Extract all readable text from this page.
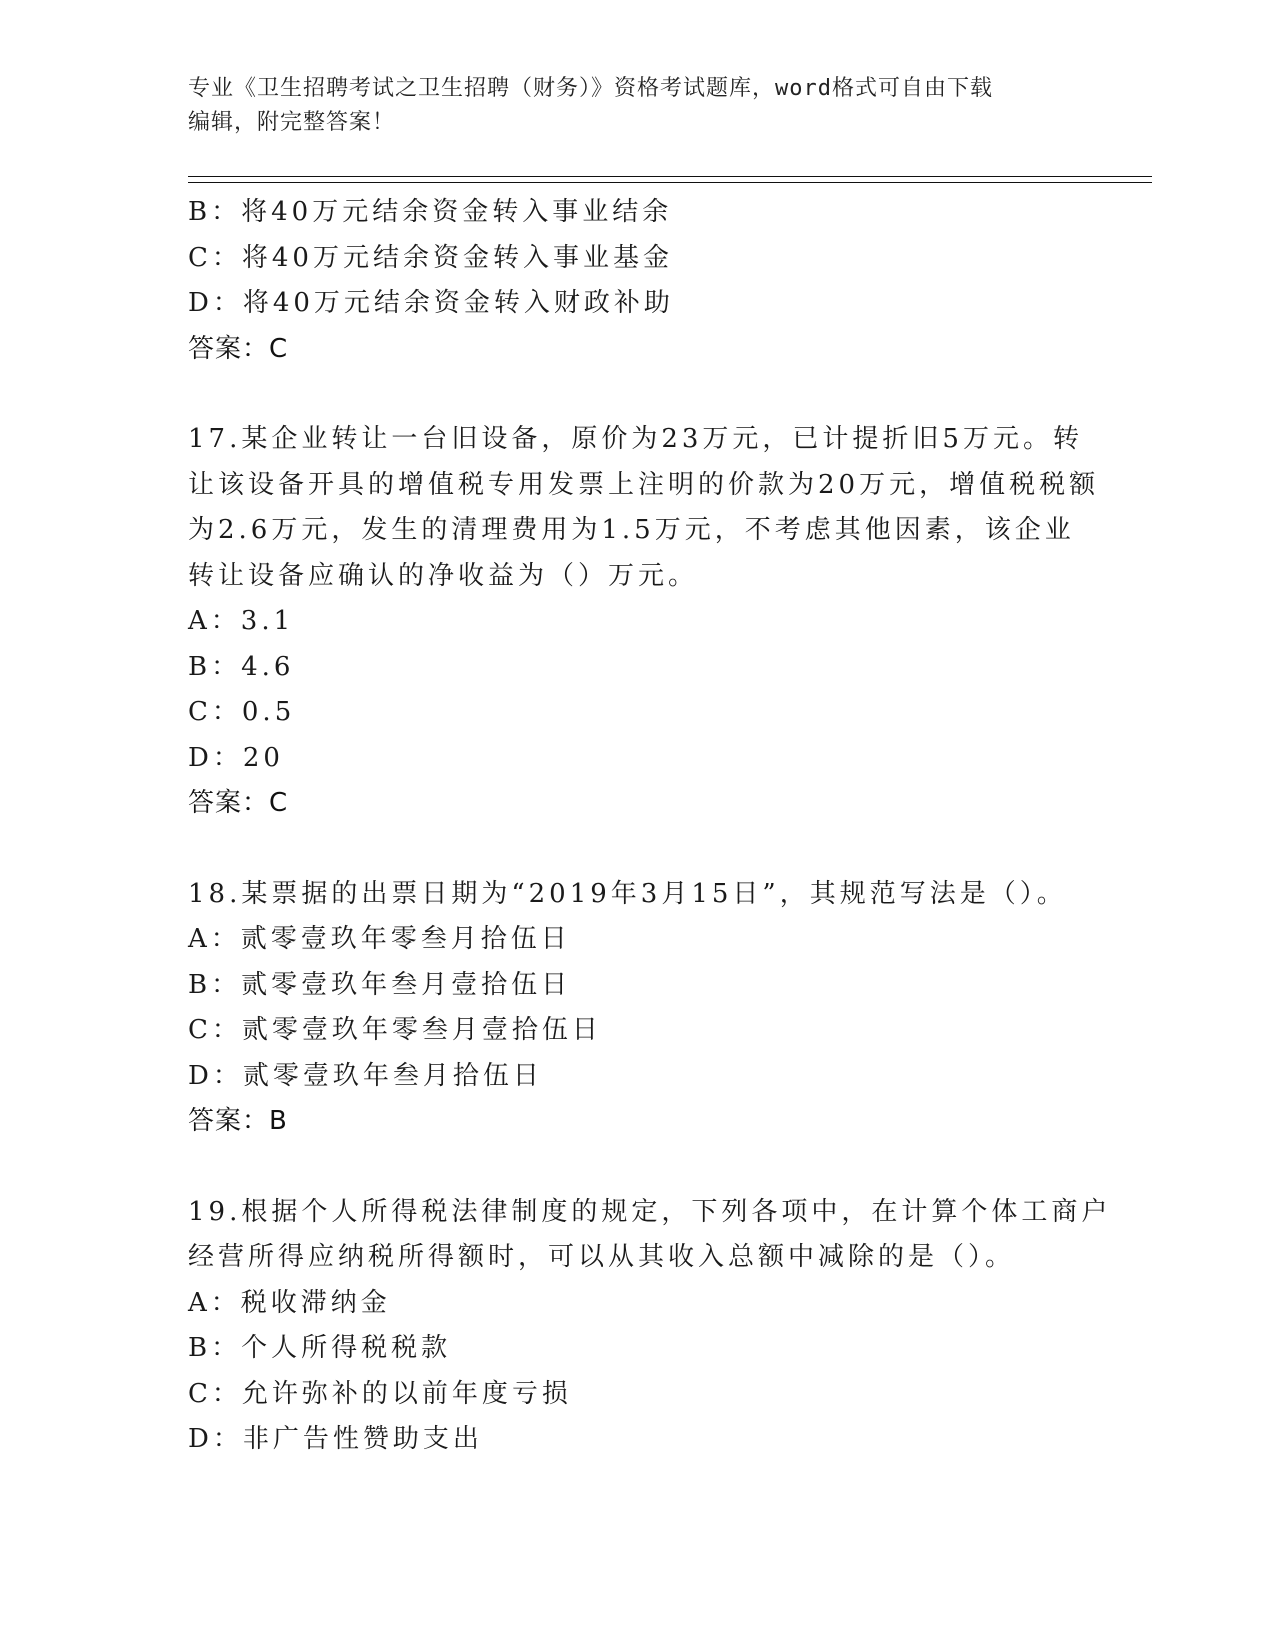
专业《卫生招聘考试之卫生招聘（财务）》资格考试题库，word格式可自由下载
编辑，附完整答案！
B：将40万元结余资金转入事业结余
C：将40万元结余资金转入事业基金
D：将40万元结余资金转入财政补助
答案：C
17.某企业转让一台旧设备，原价为23万元，已计提折旧5万元。转
让该设备开具的增值税专用发票上注明的价款为20万元，增值税税额
为2.6万元，发生的清理费用为1.5万元，不考虑其他因素，该企业
转让设备应确认的净收益为（）万元。
A：3.1
B：4.6
C：0.5
D：20
答案：C
18.某票据的出票日期为“2019年3月15日”，其规范写法是（）。
A：贰零壹玖年零叁月拾伍日
B：贰零壹玖年叁月壹拾伍日
C：贰零壹玖年零叁月壹拾伍日
D：贰零壹玖年叁月拾伍日
答案：B
19.根据个人所得税法律制度的规定，下列各项中，在计算个体工商户
经营所得应纳税所得额时，可以从其收入总额中减除的是（）。
A：税收滞纳金
B：个人所得税税款
C：允许弥补的以前年度亏损
D：非广告性赞助支出
